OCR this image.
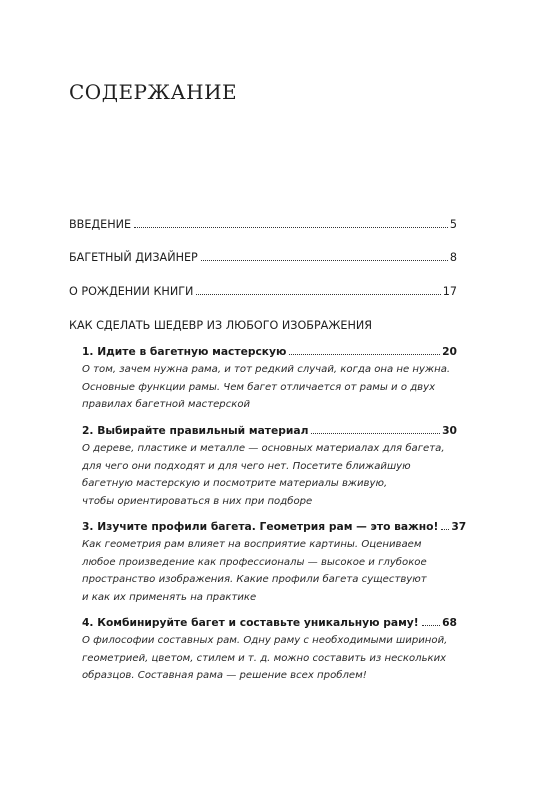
СОДЕРЖАНИЕ
ВВЕДЕНИЕ	5
БАГЕТНЫЙ ДИЗАЙНЕР	8
О РОЖДЕНИИ КНИГИ	17
КАК СДЕЛАТЬ ШЕДЕВР ИЗ ЛЮБОГО ИЗОБРАЖЕНИЯ
1. Идите в багетную мастерскую	20
О том, зачем нужна рама, и тот редкий случай, когда она не нужна.
Основные функции рамы. Чем багет отличается от рамы и о двух
правилах багетной мастерской
2. Выбирайте правильный материал	30
О дереве, пластике и металле — основных материалах для багета,
для чего они подходят и для чего нет. Посетите ближайшую
багетную мастерскую и посмотрите материалы вживую,
чтобы ориентироваться в них при подборе
3. Изучите профили багета. Геометрия рам — это важно! 37
Как геометрия рам влияет на восприятие картины. Оцениваем
любое произведение как профессионалы — высокое и глубокое
пространство изображения. Какие профили багета существуют
и как их применять на практике
4. Комбинируйте багет и составьте уникальную раму! 68
О философии составных рам. Одну раму с необходимыми шириной,
геометрией, цветом, стилем и т. д. можно составить из нескольких
образцов. Составная рама — решение всех проблем!
